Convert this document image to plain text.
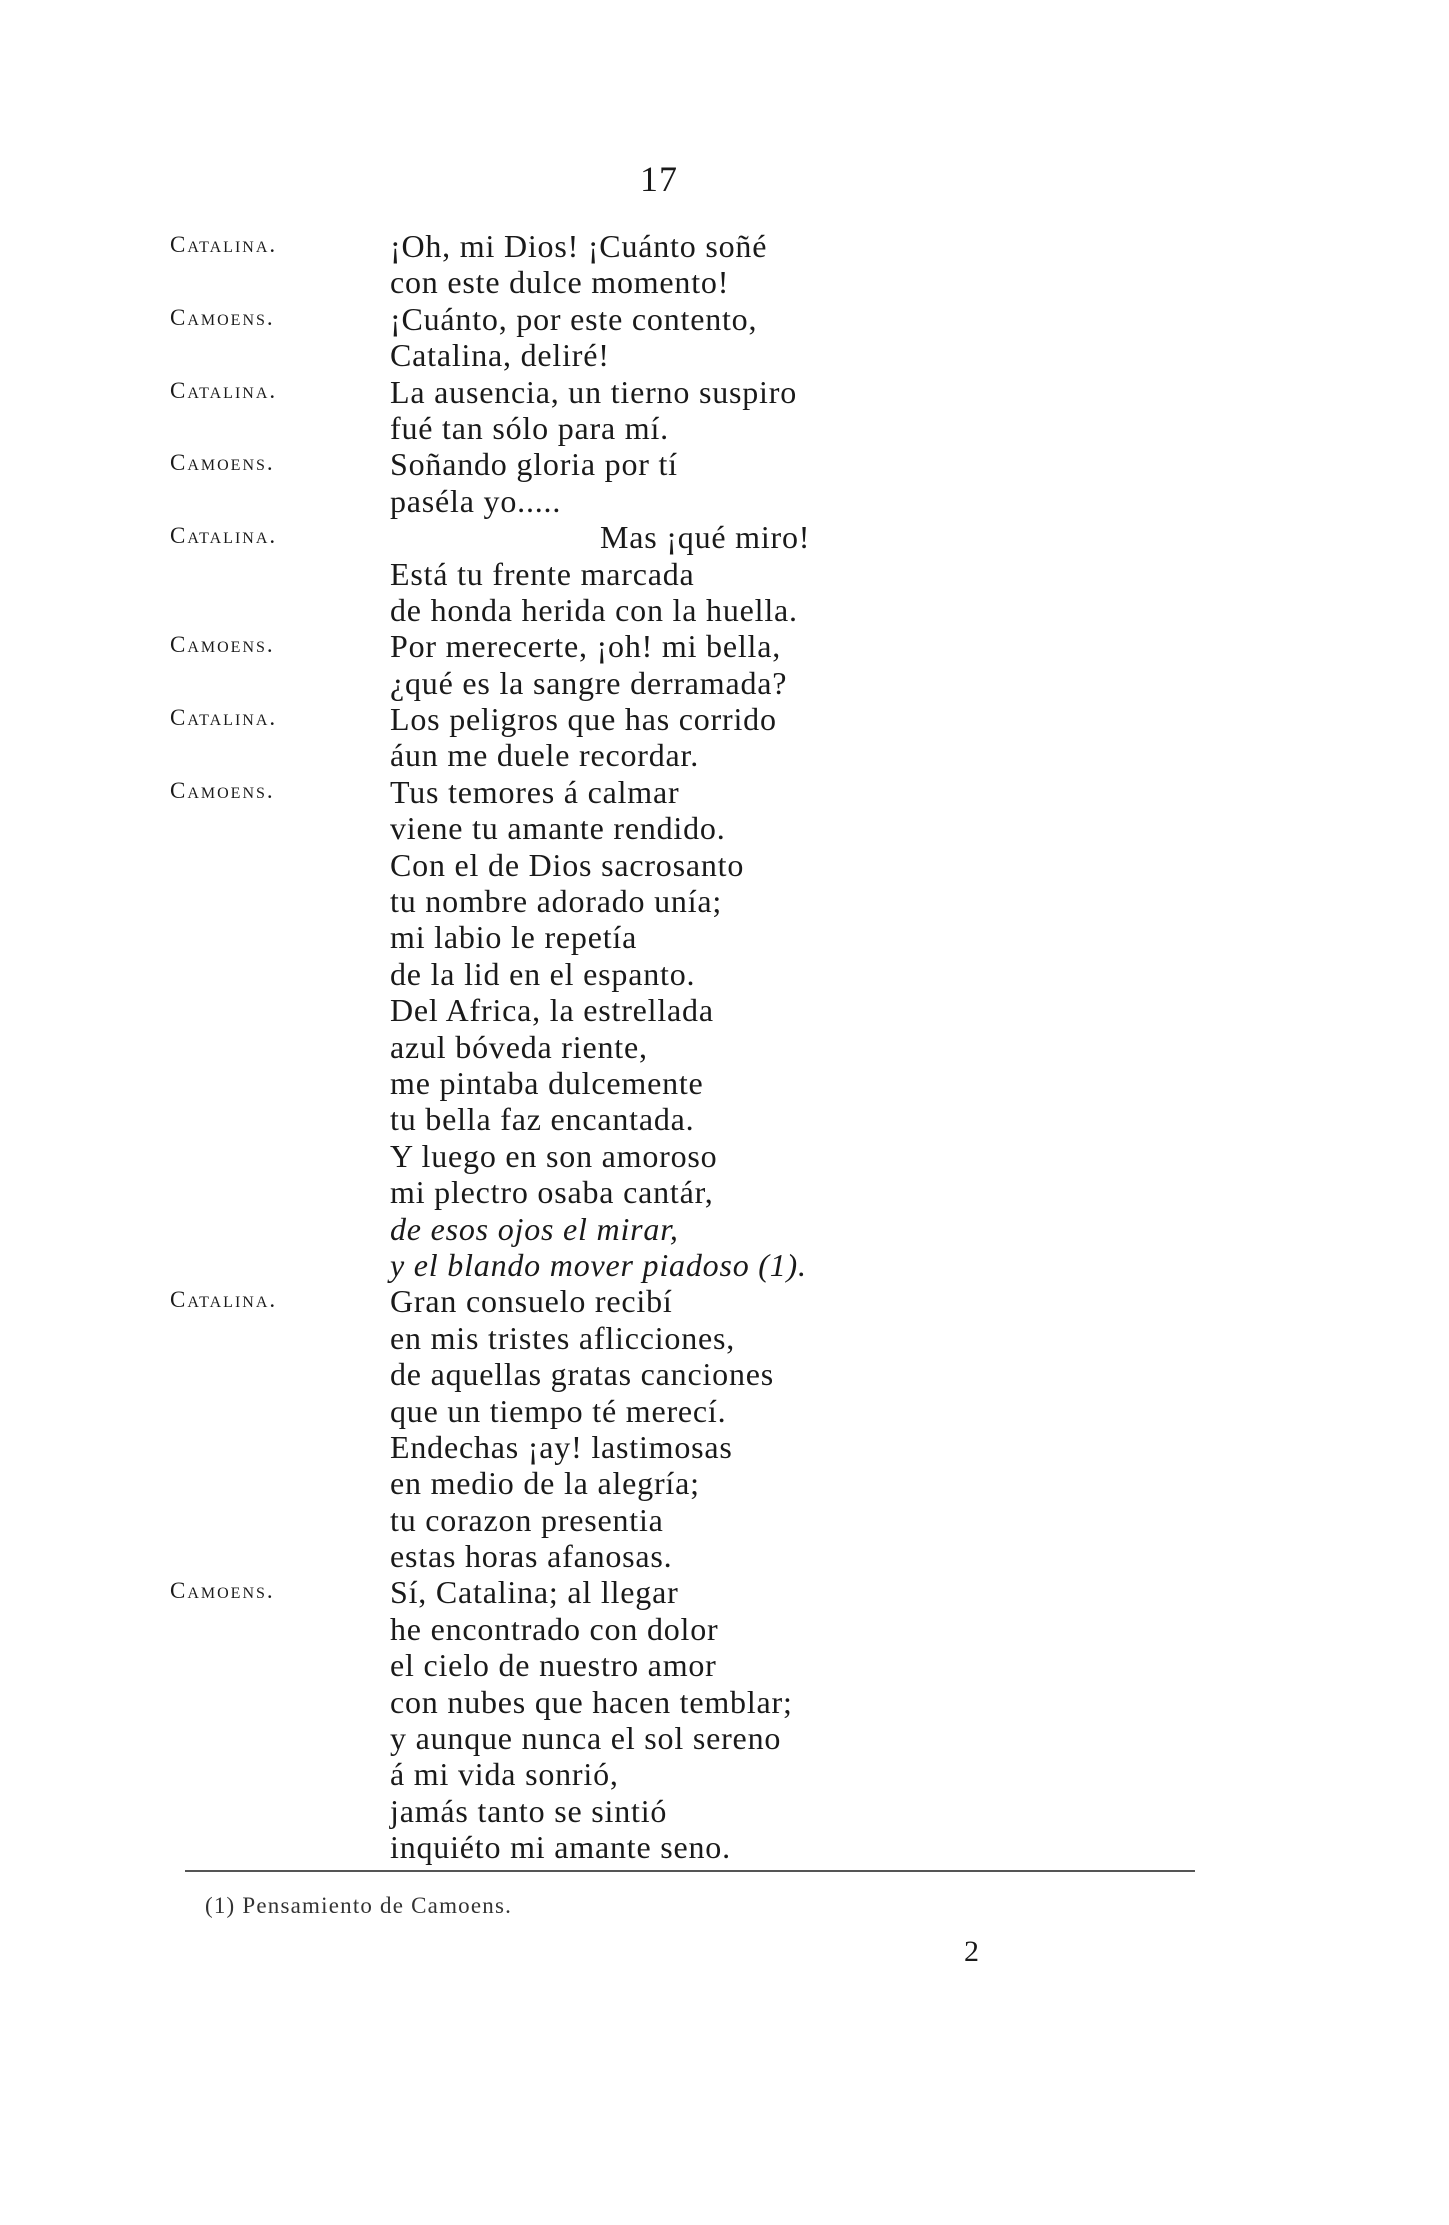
17
Catalina.	¡Oh, mi Dios! ¡Cuánto soñé
con este dulce momento!
Camoens.	¡Cuánto, por este contento,
Catalina, deliré!
Catalina.	La ausencia, un tierno suspiro
fué tan sólo para mí.
Camoens.	Soñando gloria por tí
paséla yo.....
Catalina.	Mas ¡qué miro!
Está tu frente marcada
de honda herida con la huella.
Camoens.	Por merecerte, ¡oh! mi bella,
¿qué es la sangre derramada?
Catalina.	Los peligros que has corrido
áun me duele recordar.
Camoens.	Tus temores á calmar
viene tu amante rendido.
Con el de Dios sacrosanto
tu nombre adorado unía;
mi labio le repetía
de la lid en el espanto.
Del Africa, la estrellada
azul bóveda riente,
me pintaba dulcemente
tu bella faz encantada.
Y luego en son amoroso
mi plectro osaba cantár,
de esos ojos el mirar,
y el blando mover piadoso (1).
Catalina.	Gran consuelo recibí
en mis tristes aflicciones,
de aquellas gratas canciones
que un tiempo té merecí.
Endechas ¡ay! lastimosas
en medio de la alegría;
tu corazon presentia
estas horas afanosas.
Camoens.	Sí, Catalina; al llegar
he encontrado con dolor
el cielo de nuestro amor
con nubes que hacen temblar;
y aunque nunca el sol sereno
á mi vida sonrió,
jamás tanto se sintió
inquiéto mi amante seno.
(1) Pensamiento de Camoens.
2
